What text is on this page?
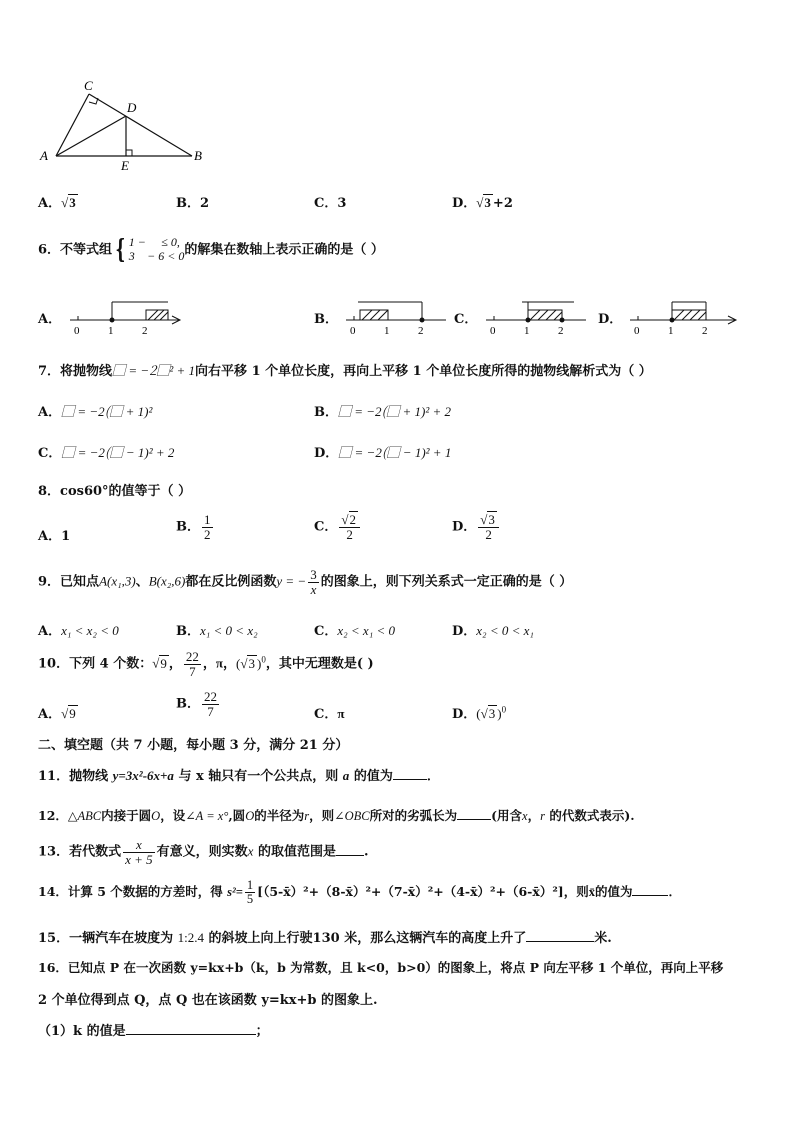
C
D
A	B
E
A．√3	B．2	C．3	D．√3 +2
6．不等式组 { 1 − ⃞ ≤ 0,
3⃞ − 6 < 0 的解集在数轴上表示正确的是（ ）
A．
0	1	2
B．
0	1	2
C．
0	1	2
D．
0	1	2
7．将抛物线⃞ = −2⃞² + 1向右平移 1 个单位长度，再向上平移 1 个单位长度所得的抛物线解析式为（ ）
A．⃞ = −2(⃞ + 1)²	B．⃞ = −2(⃞ + 1)² + 2
C．⃞ = −2(⃞ − 1)² + 2	D．⃞ = −2(⃞ − 1)² + 1
8．cos60°的值等于（ ）
A．1
B． $\frac{1}{2}$	C． $\frac{√2}{2}$	D． $\frac{√3}{2}$
9．已知点A(x₁,3)、B(x₂,6)都在反比例函数y = − $\frac{3}{x}$ 的图象上，则下列关系式一定正确的是（ ）
A．x₁ < x₂ < 0	B．x₁ < 0 < x₂	C．x₂ < x₁ < 0	D．x₂ < 0 < x₁
10．下列 4 个数：√9 ， $\frac{22}{7}$ ，π，(√3 )$^0$，其中无理数是( )
A．√9
B． $\frac{22}{7}$	C．π	D．(√3 )$^0$
二、填空题（共 7 小题，每小题 3 分，满分 21 分）
11．抛物线 y=3x²-6x+a 与 x 轴只有一个公共点，则 a 的值为	．
12．△ABC内接于圆O，设∠A = x°,圆O的半径为r，则∠OBC所对的劣弧长为	(用含x，r 的代数式表示).
13．若代数式 $\frac{x}{x + 5}$ 有意义，则实数x 的取值范围是 .
14．计算 5 个数据的方差时，得 $s^2= \frac{1}{5}$ [（5-x̄）²+（8-x̄）²+（7-x̄）²+（4-x̄）²+（6-x̄）²]，则x̄的值为	．
15．一辆汽车在坡度为 1:2.4 的斜坡上向上行驶130 米，那么这辆汽车的高度上升了	米.
16．已知点 P 在一次函数 y=kx+b（k，b 为常数，且 k<0，b>0）的图象上，将点 P 向左平移 1 个单位，再向上平移
2 个单位得到点 Q，点 Q 也在该函数 y=kx+b 的图象上.
（1）k 的值是	；
